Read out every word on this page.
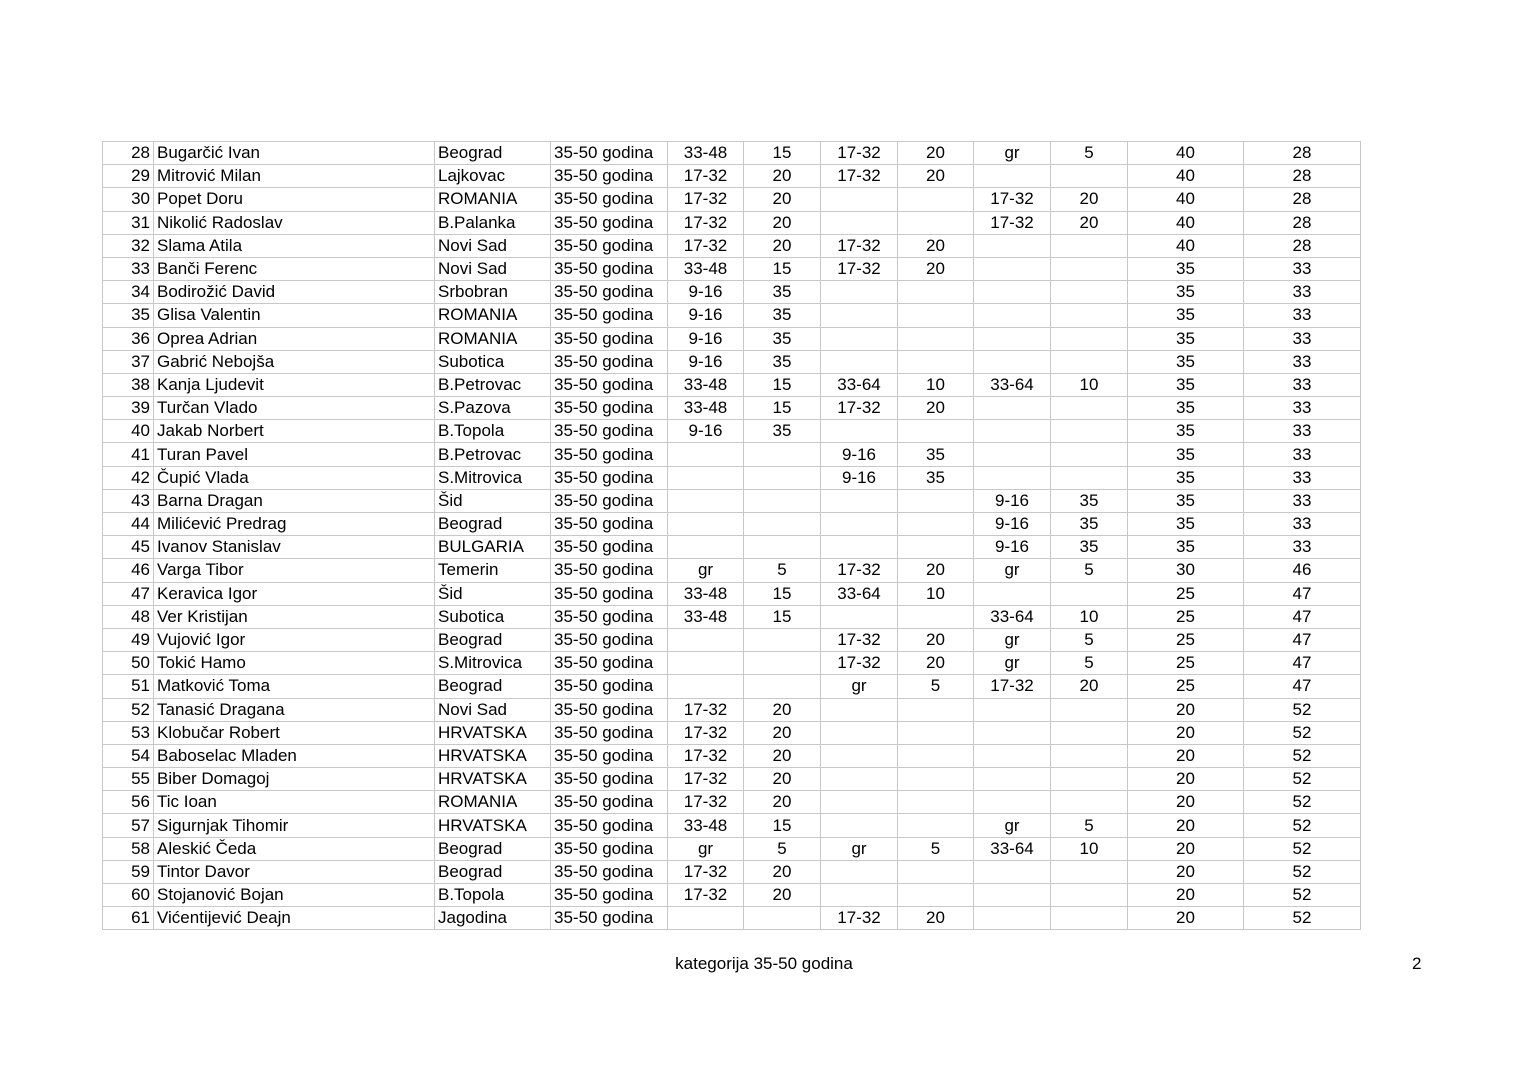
28	Bugarčić Ivan	Beograd	35-50 godina	33-48	15	17-32	20	gr	5	40	28
29	Mitrović Milan	Lajkovac	35-50 godina	17-32	20	17-32	20			40	28
30	Popet Doru	ROMANIA	35-50 godina	17-32	20			17-32	20	40	28
31	Nikolić Radoslav	B.Palanka	35-50 godina	17-32	20			17-32	20	40	28
32	Slama Atila	Novi Sad	35-50 godina	17-32	20	17-32	20			40	28
33	Banči Ferenc	Novi Sad	35-50 godina	33-48	15	17-32	20			35	33
34	Bodirožić David	Srbobran	35-50 godina	9-16	35					35	33
35	Glisa Valentin	ROMANIA	35-50 godina	9-16	35					35	33
36	Oprea Adrian	ROMANIA	35-50 godina	9-16	35					35	33
37	Gabrić Nebojša	Subotica	35-50 godina	9-16	35					35	33
38	Kanja Ljudevit	B.Petrovac	35-50 godina	33-48	15	33-64	10	33-64	10	35	33
39	Turčan Vlado	S.Pazova	35-50 godina	33-48	15	17-32	20			35	33
40	Jakab Norbert	B.Topola	35-50 godina	9-16	35					35	33
41	Turan Pavel	B.Petrovac	35-50 godina			9-16	35			35	33
42	Čupić Vlada	S.Mitrovica	35-50 godina			9-16	35			35	33
43	Barna Dragan	Šid	35-50 godina					9-16	35	35	33
44	Milićević Predrag	Beograd	35-50 godina					9-16	35	35	33
45	Ivanov Stanislav	BULGARIA	35-50 godina					9-16	35	35	33
46	Varga Tibor	Temerin	35-50 godina	gr	5	17-32	20	gr	5	30	46
47	Keravica Igor	Šid	35-50 godina	33-48	15	33-64	10			25	47
48	Ver Kristijan	Subotica	35-50 godina	33-48	15			33-64	10	25	47
49	Vujović Igor	Beograd	35-50 godina			17-32	20	gr	5	25	47
50	Tokić Hamo	S.Mitrovica	35-50 godina			17-32	20	gr	5	25	47
51	Matković Toma	Beograd	35-50 godina			gr	5	17-32	20	25	47
52	Tanasić Dragana	Novi Sad	35-50 godina	17-32	20					20	52
53	Klobučar Robert	HRVATSKA	35-50 godina	17-32	20					20	52
54	Baboselac Mladen	HRVATSKA	35-50 godina	17-32	20					20	52
55	Biber Domagoj	HRVATSKA	35-50 godina	17-32	20					20	52
56	Tic Ioan	ROMANIA	35-50 godina	17-32	20					20	52
57	Sigurnjak Tihomir	HRVATSKA	35-50 godina	33-48	15			gr	5	20	52
58	Aleskić Čeda	Beograd	35-50 godina	gr	5	gr	5	33-64	10	20	52
59	Tintor Davor	Beograd	35-50 godina	17-32	20					20	52
60	Stojanović Bojan	B.Topola	35-50 godina	17-32	20					20	52
61	Vićentijević Deajn	Jagodina	35-50 godina			17-32	20			20	52
kategorija 35-50 godina	2
